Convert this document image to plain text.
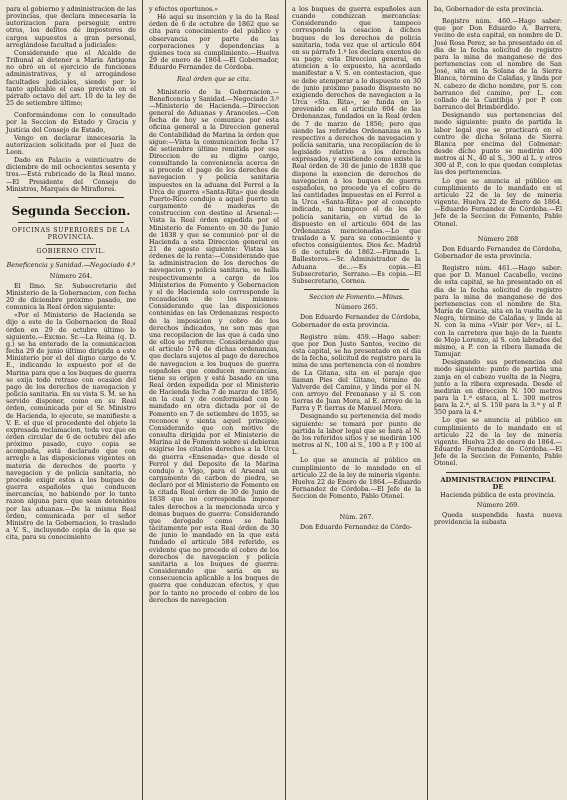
para el gobierno y administracion de las provincias, que declara innecesaria la autorizacion para perseguir, entre otros, los delitos de impostores de cargos supuestos a gran personal, arreglándose facultad a judiciales:

Considerando que el Alcalde de Tribunal al detener a Maria Antigona no obró en el ejercicio de funciones administrativas, y el arrogándose facultades judiciales, siendo por lo tanto aplicable el caso previsto en el párrafo octavo del art. 10 de la ley de 25 de setiembre último;

Conformándome con lo consultado por la Seccion de Estado y Gracia y Justicia del Consejo de Estado,

Vengo en declarar innecesaria la autorizacion solicitada por el Juez de Leon.

Dado en Palacio a veinticuatro de diciembre de mil ochocientos sesenta y tres.—Está rubricado de la Real mano.—El Presidente del Consejo de Ministros, Marqués de Miraflores.

Segunda Seccion.

OFICINAS SUPERIORES DE LA PROVINCIA.

GOBIERNO CIVIL.

Beneficencia y Sanidad.—Negociado 4.º

Número 264.

El Ilmo. Sr. Subsecretario del Ministerio de la Gobernacion, con fecha 20 de diciembre próximo pasado, me comunica la Real órden siguiente:

«Por el Ministerio de Hacienda se dijo a este de la Gobernacion de Real órden en 29 de octubre último lo siguiente.—Excmo. Sr.—La Reina (q. D. g.) se ha enterado de la comunicacion fecha 29 de junio último dirigida a este Ministerio por el del digno cargo de V. E., indicando lo expuesto por el de Marina para que a los buques de guerra se exija todo retraso con ocasion del pago de los derechos de navegacion y policía sanitaria. En su vista S. M. se ha servido disponer, como en su Real órden, comunicada por el Sr. Ministro de Hacienda, lo ejecute, se manifieste a V. E. el que el procedente del objeto la expresada reclamacion, toda vez que en órden circular de 6 de octubre del año próximo pasado, cuyo copia se acompaña, está declarado que con arreglo a las disposiciones vigentes en materia de derechos de puerto y navegacion y de policía sanitaria, no procede exigir estos a los buques de guerra españoles que conducen mercancías, no habiendo por lo tanto razon alguna para que sean detenidos por las aduanas.—De la misma Real órden, comunicada por el señor Ministro de la Gobernacion, lo traslado a V. S., incluyendo copia de la que se cita, para su conocimiento

y efectos oportunos.»

Hé aquí su inserción y la de la Real órden de 6 de octubre de 1862 que se cita para conocimiento del público y observancia por parte de las corporaciones y dependencias a quienes toca su cumplimiento.—Huelva 29 de enero de 1864.—El Gobernador, Eduardo Fernandez de Córdoba.

Real órden que se cita.

Ministerio de la Gobernacion.—Beneficencia y Sanidad.—Negociado 3.º—Ministerio de Hacienda.—Direccion general de Aduanas y Aranceles.—Con fecha de hoy se comunica por esta oficina general a la Direccion general de Contabilidad de Marina la órden que sigue:—Vista la comunicacion fecha 17 de setiembre último remitida por esa Direccion de su digno cargo, consultando la conveniencia acerca de si procede el pago de los derechos de navegacion y policía sanitaria impuestos en la aduana del Ferrol a la Urca de guerra «Santa-Rita» que desde Puerto-Rico condujo a aquel puerto un cargamento de maderas de construccion con destino al Arsenal:—Vista la Real órden expedida por el Ministerio de Fomento en 30 de Junio de 1838 y que se comunicó por el de Hacienda a esta Direccion general en 21 de agosto siguiente: Vistas las órdenes de la renta:—Considerando que la administracion de los derechos de navegacion y policía sanitaria, se halla respectivamente a cargo de los Ministerios de Fomento y Gobernacion y el de Hacienda solo corresponde la recaudacion de los mismos: Considerando que las disposiciones contenidas en las Ordenanzas respecto de la imposicion y cobro de los derechos indicados, no son mas que una recopilacion de las que á cada uno de ellos se refieren: Considerando que el artículo 574 de dichas ordenanzas, que declara sujetos al pago de derechos de navegacion a los buques de guerra españoles que conducen mercancías, tiene su origen y está basado en una Real órden expedida por el Ministerio de Hacienda fecha 7 de marzo de 1856, en la cual y de conformidad con lo mandado en otra dictada por el de Fomento en 7 de setiembre de 1855, se reconoce y sienta aquel principio; Considerando que con motivo de consulta dirigida por el Ministerio de Marina al de Fomento sobre si debieran exigirse los citados derechos a la Urca de guerra «Ensenada» que desde el Ferrol y del Deposito de la Marina condujo a Vigo, para el Arsenal un cargamento de carbon de piedra, se declaró por el Ministerio de Fomento en la citada Real órden de 30 de Junio de 1838 que no correspondia imponer tales derechos a la mencionada urca y demas buques de guerra: Considerando que derogado como se halla tácitamente por esta Real órden de 30 de junio lo mandado en la que está fundado el artículo 584 referido, es evidente que no procede el cobro de los derechos de navegacion y policía sanitaria a los buques de guerra: Considerando que sería en su consecuencia aplicable a los buques de guerra que conduzcan efectos, y que por lo tanto no procede el cobro de los derechos de navegacion

a los buques de guerra españoles aun cuando conduzcan mercancías: Considerando que tampoco corresponde la cesacion á dichos buques de los derechos de policía sanitaria, toda vez que el artículo 604 en su párrafo 1.º los declara exentos de su pago; esta Direccion general, en atencion a lo expuesto, ha acordado manifestar a V. S. en contestacion, que se debe atemperar a lo dispuesto en 30 de junio próximo pasado dispuesto no exigiendo derechos de navegacion a la Urca «Sta. Rita», se funda en lo prevenido en el artículo 604 de las Ordenanzas, fundados en la Real órden de 7 de marzo de 1856; pero que siendo las referidas Ordenanzas en lo respectivo a derechos de navegacion y policía sanitaria, una recopilacion de lo legislado relativo a los derechos expresados, y existiendo como existe la Real órden de 30 de junio de 1838 que dispone la exencion de derechos de navegacion á los buques de guerra españoles, no procede ya el cobro de las cantidades impuestas en el Ferrol a la Urca «Santa-Rita» por el concepto indicado, ni tampoco el de los de policía sanitaria, en virtud de lo dispuesto en el artículo 604 de las Ordenanzas mencionadas.—Lo que traslado a V. para su conocimiento y efectos consiguientes. Dios &c. Madrid 6 de octubre de 1862.—Firmado L. Ballesteros.—Sr. Administrador de la Aduana de...—Es copia.—El Subsecretario, Serrano.—Es copia.—El Subsecretario, Cornea.

Seccion de Fomento.—Minas.

Número 265.

Don Eduardo Fernandez de Córdoba, Gobernador de esta provincia.

Registro núm. 459.—Hago saber: que por Don Justo Santos, vecino de esta capital, se ha presentado en el dia de la fecha, solicitud de registro para la mina de una pertenencia con el nombre de La Gitana, sita en el paraje que llaman Pies del Gitano, término de Valverde del Camino, y linda por el N. con arroyo del Frenanaso y al S. con tierras de Juan Mora, al E. arroyo de la Parra y P. tierras de Manuel Mora.

Designando su pertenencia del modo siguiente: se tomará por punto de partida la labor legal que se hará al N. de los referidos sitios y se medirán 100 metros al N., 100 al S., 100 a P. y 100 al L.

Lo que se anuncia al público en cumplimiento de lo mandado en el artículo 22 de la ley de minería vigente. Huelva 22 de Enero de 1864.—Eduardo Fernandez de Córdoba.—El Jefe de la Seccion de Fomento, Pablo Otonel.

Núm. 267.

Don Eduardo Fernandez de Córdo-

ba, Gobernador de esta provincia.

Registro núm. 460.—Hago saber: que por Don Eduardo A. Barrera, vecino de esta capital, en nombre de D. José Rosa Perez, se ha presentado en el dia de la fecha solicitud de registro para la mina de manganeso de dos pertenencias con el nombre de San José, sita en la Solana de la Sierra Blanca, término de Calañas, y linda por N. cabezo de dicho nombre, por S. con barranco del camino, por L. con collado de la Cantibija y por P. con barranco del Brimbórdido.

Designando sus pertenencias del modo siguiente: punto de partida la labor legal que se practicará en el centro de dicha Solana de Sierra Blanca por encima del Colmenar: desde dicho punto se medirán 400 metros al N., 40 al S., 300 al L. y otros 300 al P., con lo que quedan completas las dos pertenencias.

Lo que se anuncia al público en cumplimiento de lo mandado en el artículo 22 de la ley de minería vigente. Huelva 22 de Enero de 1864.—Eduardo Fernandez de Córdoba.—El Jefe de la Seccion de Fomento, Pablo Otonel.

Número 268

Don Eduardo Fernandez de Córdoba, Gobernador de esta provincia.

Registro núm. 461.—Hago saber: que por D. Manuel Cacabello, vecino de esta capital, se ha presentado en el dia de la fecha solicitud de registro para la mina de manganeso de dos pertenencias con el nombre de Sta. María de Gracia, sita en la vuelta de la Negra, término de Calañas, y linda al N. con la mina «Visir por Ver», al L. con la carretera que bajo de la fuente de Mojo Lorenzo, al S. con labrados del mismo, a P. con la ribera llamada de Tamujar.

Designando sus pertenencias del modo siguiente: punto de partida una zanja en el cabezo vuelta de la Negra, junto a la ribera expresada. Desde el medirán en direccion N. 100 metros para la 1.ª estaca, al L. 300 metros para la 2.ª, al S. 150 para la 3.ª y al P. 350 para la 4.ª

Lo que se anuncia al público en cumplimiento de lo mandado en el artículo 22 de la ley de minería vigente. Huelva 23 de enero de 1864.—Eduardo Fernandez de Córdoba.—El Jefe de la Seccion de Fomento, Pablo Otonel.

ADMINISTRACION PRINCIPAL DE

Hacienda pública de esta provincia.

Número 269.

Queda suspendida hasta nueva providencia la subasta
